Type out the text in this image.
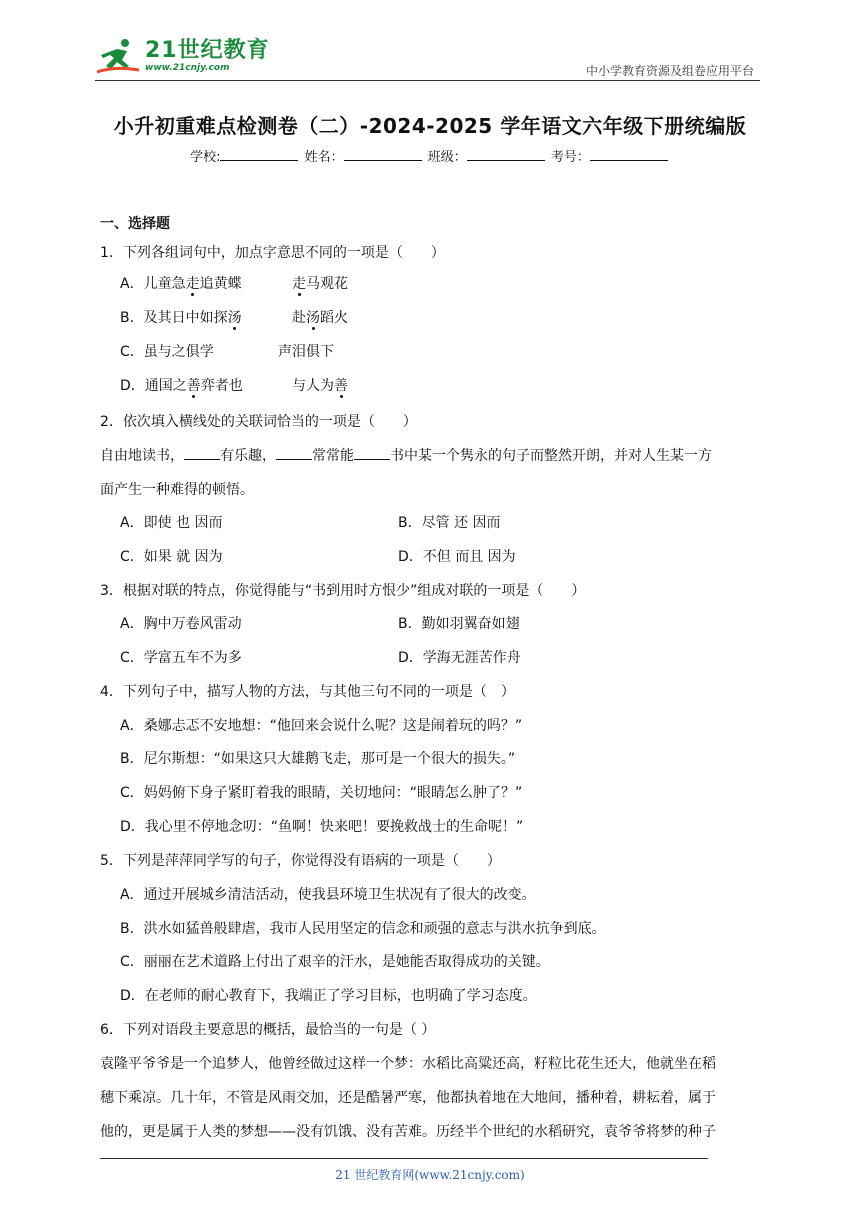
21世纪教育
www.21cnjy.com	中小学教育资源及组卷应用平台
小升初重难点检测卷（二）-2024-2025 学年语文六年级下册统编版
学校:	姓名：	班级：	考号：
一、选择题
1．下列各组词句中，加点字意思不同的一项是（　　）
A．儿童急走追黄蝶	走马观花
B．及其日中如探汤	赴汤蹈火
C．虽与之俱学	声泪俱下
D．通国之善弈者也	与人为善
2．依次填入横线处的关联词恰当的一项是（　　）
自由地读书，	有乐趣，	常常能	书中某一个隽永的句子而整然开朗，并对人生某一方
面产生一种难得的顿悟。
A．即使 也 因而	B．尽管 还 因而
C．如果 就 因为	D．不但 而且 因为
3．根据对联的特点，你觉得能与“书到用时方恨少”组成对联的一项是（　　）
A．胸中万卷风雷动	B．勤如羽翼奋如翅
C．学富五车不为多	D．学海无涯苦作舟
4．下列句子中，描写人物的方法，与其他三句不同的一项是（　）
A．桑娜忐忑不安地想：“他回来会说什么呢？这是闹着玩的吗？”
B．尼尔斯想：“如果这只大雄鹅飞走，那可是一个很大的损失。”
C．妈妈俯下身子紧盯着我的眼睛，关切地问：“眼睛怎么肿了？”
D．我心里不停地念叨：“鱼啊！快来吧！要挽救战士的生命呢！”
5．下列是萍萍同学写的句子，你觉得没有语病的一项是（　　）
A．通过开展城乡清洁活动，使我县环境卫生状况有了很大的改变。
B．洪水如猛兽般肆虐，我市人民用坚定的信念和顽强的意志与洪水抗争到底。
C．丽丽在艺术道路上付出了艰辛的汗水，是她能否取得成功的关键。
D．在老师的耐心教育下，我端正了学习目标，也明确了学习态度。
6．下列对语段主要意思的概括，最恰当的一句是（ ）
袁隆平爷爷是一个追梦人，他曾经做过这样一个梦：水稻比高粱还高，籽粒比花生还大，他就坐在稻
穗下乘凉。几十年，不管是风雨交加，还是酷暑严寒，他都执着地在大地间，播种着，耕耘着，属于
他的，更是属于人类的梦想——没有饥饿、没有苦难。历经半个世纪的水稻研究，袁爷爷将梦的种子
21 世纪教育网(www.21cnjy.com)
